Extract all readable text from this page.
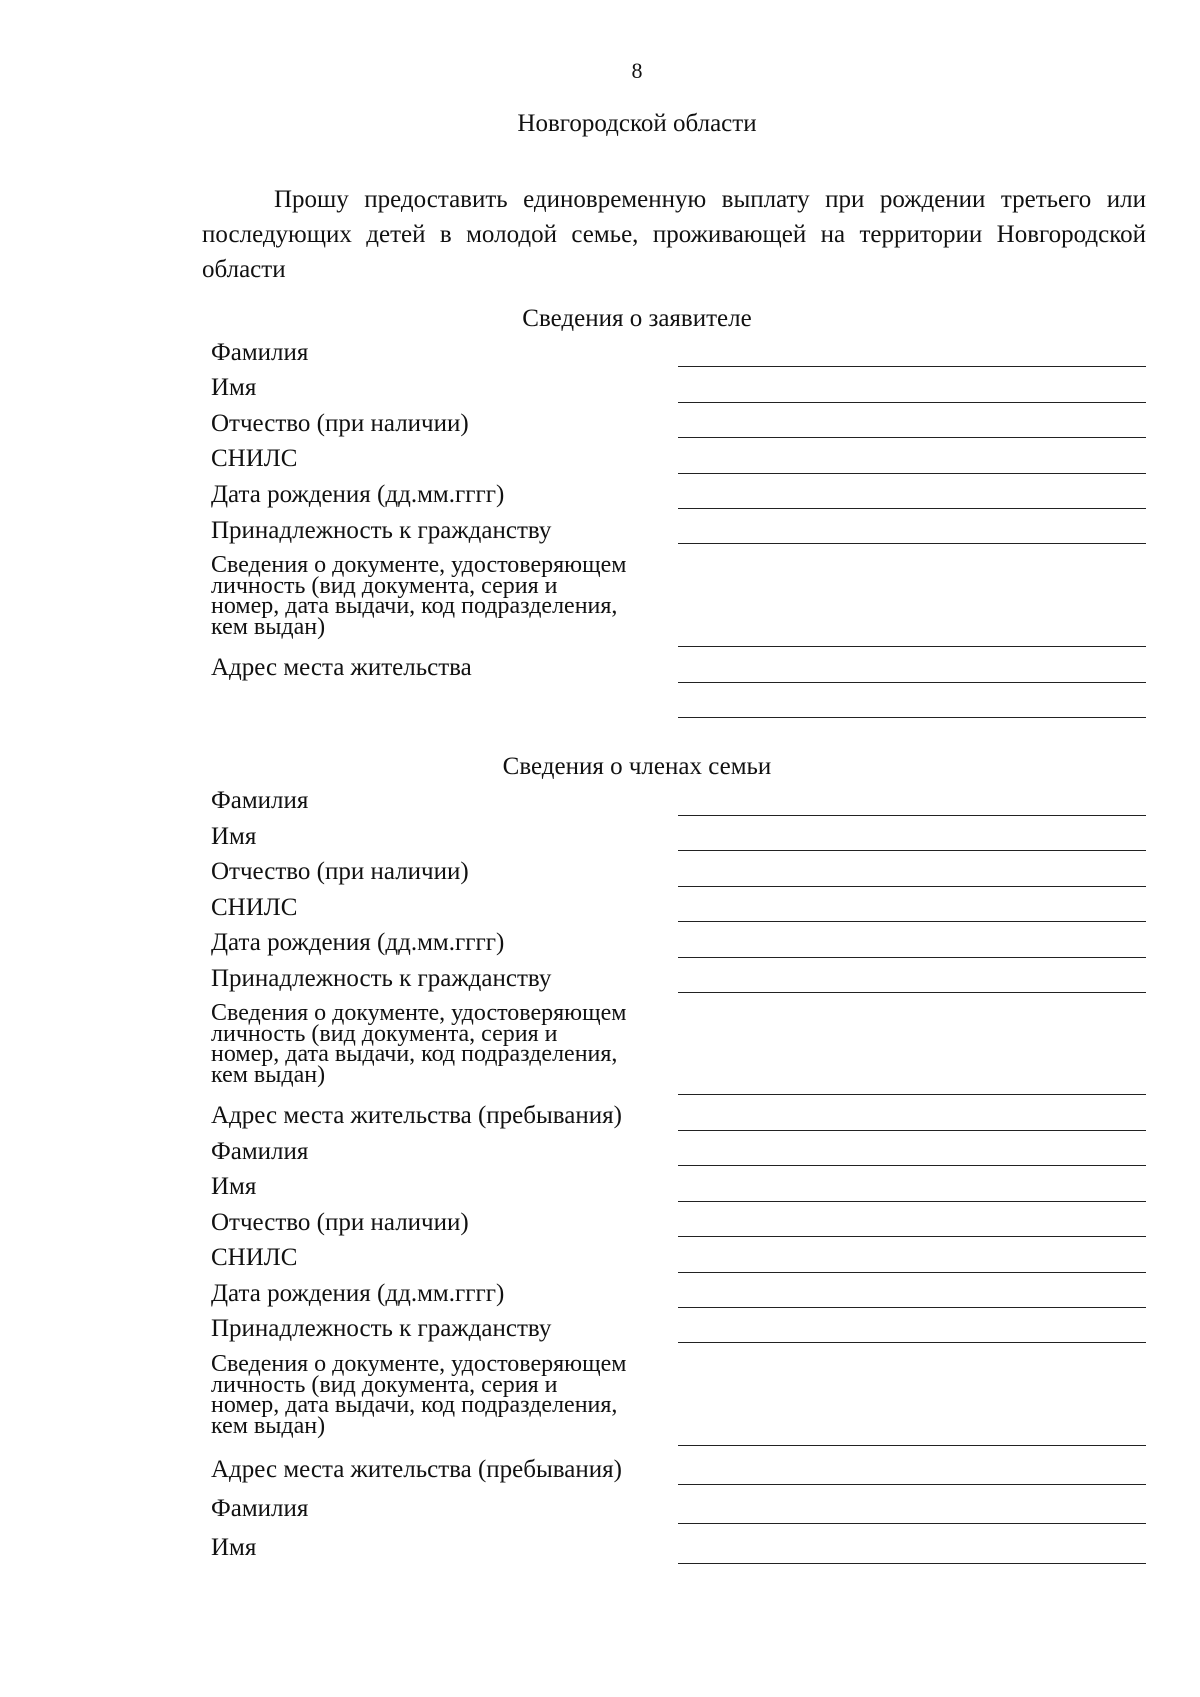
8
Новгородской области
Прошу предоставить единовременную выплату при рождении третьего или последующих детей в молодой семье, проживающей на территории Новгородской области
Сведения о заявителе
Фамилия
Имя
Отчество (при наличии)
СНИЛС
Дата рождения (дд.мм.гггг)
Принадлежность к гражданству
Сведения о документе, удостоверяющем
личность (вид документа, серия и
номер, дата выдачи, код подразделения,
кем выдан)
Адрес места жительства
Сведения о членах семьи
Фамилия
Имя
Отчество (при наличии)
СНИЛС
Дата рождения (дд.мм.гггг)
Принадлежность к гражданству
Сведения о документе, удостоверяющем
личность (вид документа, серия и
номер, дата выдачи, код подразделения,
кем выдан)
Адрес места жительства (пребывания)
Фамилия
Имя
Отчество (при наличии)
СНИЛС
Дата рождения (дд.мм.гггг)
Принадлежность к гражданству
Сведения о документе, удостоверяющем
личность (вид документа, серия и
номер, дата выдачи, код подразделения,
кем выдан)
Адрес места жительства (пребывания)
Фамилия
Имя
